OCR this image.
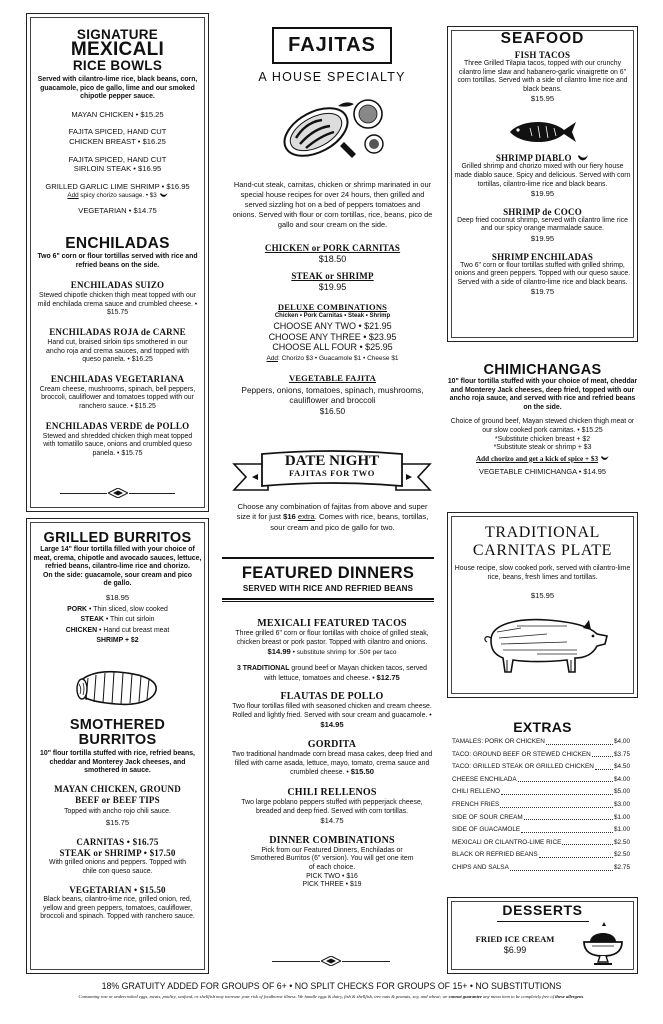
SIGNATURE
MEXICALI
RICE BOWLS
Served with cilantro-lime rice, black beans, corn, guacamole, pico de gallo, lime and our smoked chipotle pepper sauce.
MAYAN CHICKEN • $15.25
FAJITA SPICED, HAND CUT
CHICKEN BREAST • $16.25
FAJITA SPICED, HAND CUT
SIRLOIN STEAK • $16.95
GRILLED GARLIC LIME SHRIMP • $16.95
Add spicy chorizo sausage. • $3
VEGETARIAN • $14.75
ENCHILADAS
Two 6" corn or flour tortillas served with rice and refried beans on the side.
ENCHILADAS SUIZO
Stewed chipotle chicken thigh meat topped with our mild enchilada crema sauce and crumbled cheese. • $15.75
ENCHILADAS ROJA de CARNE
Hand cut, braised sirloin tips smothered in our ancho roja and crema sauces, and topped with queso panela. • $16.25
ENCHILADAS VEGETARIANA
Cream cheese, mushrooms, spinach, bell peppers, broccoli, cauliflower and tomatoes topped with our ranchero sauce. • $15.25
ENCHILADAS VERDE de POLLO
Stewed and shredded chicken thigh meat topped with tomatillo sauce, onions and crumbled queso panela. • $15.75
GRILLED BURRITOS
Large 14" flour tortilla filled with your choice of meat, crema, chipotle and avocado sauces, lettuce, refried beans, cilantro-lime rice and chorizo.
On the side: guacamole, sour cream and pico de gallo.
$18.95
PORK • Thin sliced, slow cooked
STEAK • Thin cut sirloin
CHICKEN • Hand cut breast meat
SHRIMP + $2
SMOTHERED
BURRITOS
10" flour tortilla stuffed with rice, refried beans, cheddar and Monterey Jack cheeses, and smothered in sauce.
MAYAN CHICKEN, GROUND
BEEF or BEEF TIPS
Topped with ancho rojo chili sauce.
$15.75
CARNITAS • $16.75
STEAK or SHRIMP • $17.50
With grilled onions and peppers. Topped with chile con queso sauce.
VEGETARIAN • $15.50
Black beans, cilantro-lime rice, grilled onion, red, yellow and green peppers, tomatoes, cauliflower, broccoli and spinach. Topped with ranchero sauce.
FAJITAS
A HOUSE SPECIALTY
Hand-cut steak, carnitas, chicken or shrimp marinated in our special house recipes for over 24 hours, then grilled and served sizzling hot on a bed of peppers tomatoes and onions. Served with flour or corn tortillas, rice, beans, pico de gallo and sour cream on the side.
CHICKEN or PORK CARNITAS
$18.50
STEAK or SHRIMP
$19.95
DELUXE COMBINATIONS
Chicken • Pork Carnitas • Steak • Shrimp
CHOOSE ANY TWO • $21.95
CHOOSE ANY THREE • $23.95
CHOOSE ALL FOUR • $25.95
Add: Chorizo $3 • Guacamole $1 • Cheese $1
VEGETABLE FAJITA
Peppers, onions, tomatoes, spinach, mushrooms, cauliflower and broccoli
$16.50
DATE NIGHT
FAJITAS FOR TWO
Choose any combination of fajitas from above and super size it for just $16 extra. Comes with rice, beans, tortillas, sour cream and pico de gallo for two.
FEATURED DINNERS
SERVED WITH RICE AND REFRIED BEANS
MEXICALI FEATURED TACOS
Three grilled 6" corn or flour tortillas with choice of grilled steak, chicken breast or pork pastor. Topped with cilantro and onions.
$14.99 • substitute shrimp for .50¢ per taco
3 TRADITIONAL ground beef or Mayan chicken tacos, served with lettuce, tomatoes and cheese. • $12.75
FLAUTAS DE POLLO
Two flour tortillas filled with seasoned chicken and cream cheese. Rolled and lightly fried. Served with sour cream and guacamole. • $14.95
GORDITA
Two traditional handmade corn bread masa cakes, deep fried and filled with carne asada, lettuce, mayo, tomato, crema sauce and crumbled cheese. • $15.50
CHILI RELLENOS
Two large poblano peppers stuffed with pepperjack cheese, breaded and deep fried. Served with corn tortillas.
$14.75
DINNER COMBINATIONS
Pick from our Featured Dinners, Enchiladas or Smothered Burritos (6" version). You will get one item of each choice.
PICK TWO • $16
PICK THREE • $19
SEAFOOD
FISH TACOS
Three Grilled Tilapia tacos, topped with our crunchy cilantro lime slaw and habanero-garlic vinaigrette on 6" corn tortillas. Served with a side of cilantro lime rice and black beans.
$15.95
SHRIMP DIABLO
Grilled shrimp and chorizo mixed with our fiery house made diablo sauce. Spicy and delicious. Served with corn tortillas, cilantro-lime rice and black beans.
$19.95
SHRIMP de COCO
Deep fried coconut shrimp, served with cilantro lime rice and our spicy orange marmalade sauce.
$19.95
SHRIMP ENCHILADAS
Two 6" corn or flour tortillas stuffed with grilled shrimp, onions and green peppers. Topped with our queso sauce. Served with a side of cilantro-lime rice and black beans.
$19.75
CHIMICHANGAS
10" flour tortilla stuffed with your choice of meat, cheddar and Monterey Jack cheeses, deep fried, topped with our ancho roja sauce, and served with rice and refried beans on the side.
Choice of ground beef, Mayan stewed chicken thigh meat or our slow cooked pork carnitas. • $15.25
*Substitute chicken breast + $2
*Substitute steak or shrimp + $3
Add chorizo and get a kick of spice + $3
VEGETABLE CHIMICHANGA • $14.95
TRADITIONAL
CARNITAS PLATE
House recipe, slow cooked pork, served with cilantro-lime rice, beans, fresh limes and tortillas.
$15.95
EXTRAS
TAMALES: PORK OR CHICKEN	$4.00
TACO: GROUND BEEF OR STEWED CHICKEN	$3.75
TACO: GRILLED STEAK OR GRILLED CHICKEN	$4.50
CHEESE ENCHILADA	$4.00
CHILI RELLENO	$5.00
FRENCH FRIES	$3.00
SIDE OF SOUR CREAM	$1.00
SIDE OF GUACAMOLE	$1.00
MEXICALI OR CILANTRO-LIME RICE	$2.50
BLACK OR REFRIED BEANS	$2.50
CHIPS AND SALSA	$2.75
DESSERTS
FRIED ICE CREAM
$6.99
18% GRATUITY ADDED FOR GROUPS OF 6+ • NO SPLIT CHECKS FOR GROUPS OF 15+ • NO SUBSTITUTIONS
Consuming raw or undercooked eggs, meats, poultry, seafood, or shellfish may increase your risk of foodborne illness. We handle eggs & dairy, fish & shellfish, tree nuts & peanuts, soy, and wheat; we cannot guarantee any menu item to be completely free of these allergens.
